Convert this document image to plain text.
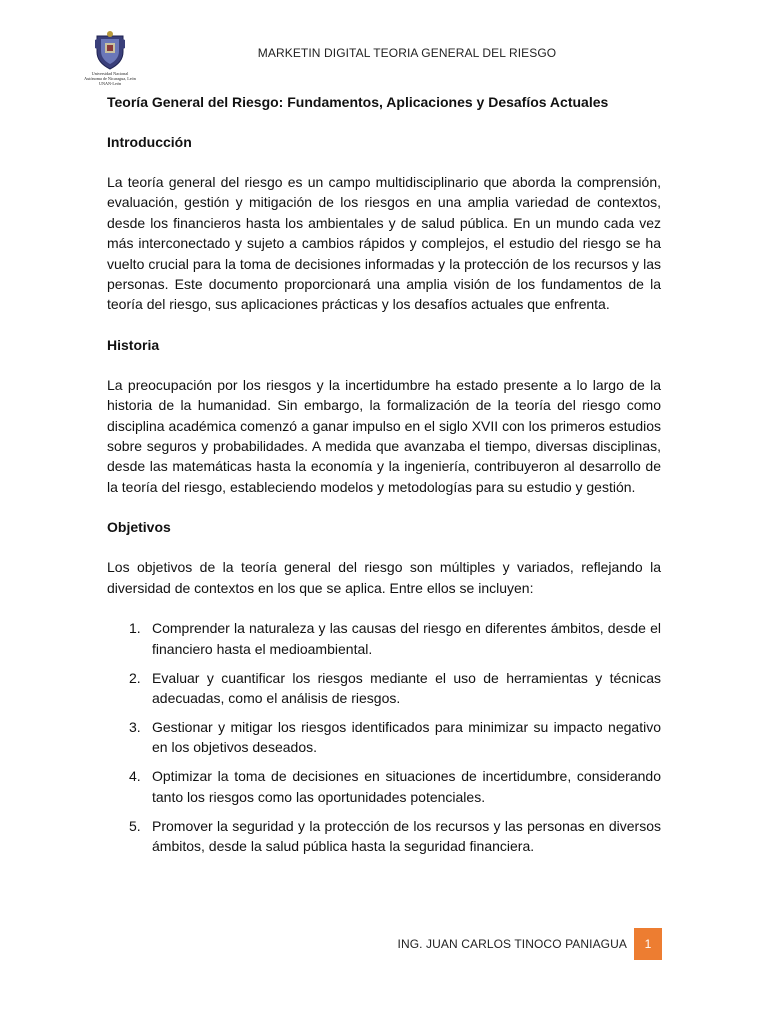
Universidad Nacional
Autónoma de Nicaragua, León
UNAN-León
MARKETIN DIGITAL TEORIA GENERAL DEL RIESGO
Teoría General del Riesgo: Fundamentos, Aplicaciones y Desafíos Actuales
Introducción

La teoría general del riesgo es un campo multidisciplinario que aborda la comprensión, evaluación, gestión y mitigación de los riesgos en una amplia variedad de contextos, desde los financieros hasta los ambientales y de salud pública. En un mundo cada vez más interconectado y sujeto a cambios rápidos y complejos, el estudio del riesgo se ha vuelto crucial para la toma de decisiones informadas y la protección de los recursos y las personas. Este documento proporcionará una amplia visión de los fundamentos de la teoría del riesgo, sus aplicaciones prácticas y los desafíos actuales que enfrenta.

Historia

La preocupación por los riesgos y la incertidumbre ha estado presente a lo largo de la historia de la humanidad. Sin embargo, la formalización de la teoría del riesgo como disciplina académica comenzó a ganar impulso en el siglo XVII con los primeros estudios sobre seguros y probabilidades. A medida que avanzaba el tiempo, diversas disciplinas, desde las matemáticas hasta la economía y la ingeniería, contribuyeron al desarrollo de la teoría del riesgo, estableciendo modelos y metodologías para su estudio y gestión.

Objetivos

Los objetivos de la teoría general del riesgo son múltiples y variados, reflejando la diversidad de contextos en los que se aplica. Entre ellos se incluyen:

1. Comprender la naturaleza y las causas del riesgo en diferentes ámbitos, desde el financiero hasta el medioambiental.
2. Evaluar y cuantificar los riesgos mediante el uso de herramientas y técnicas adecuadas, como el análisis de riesgos.
3. Gestionar y mitigar los riesgos identificados para minimizar su impacto negativo en los objetivos deseados.
4. Optimizar la toma de decisiones en situaciones de incertidumbre, considerando tanto los riesgos como las oportunidades potenciales.
5. Promover la seguridad y la protección de los recursos y las personas en diversos ámbitos, desde la salud pública hasta la seguridad financiera.
ING. JUAN CARLOS TINOCO PANIAGUA 1
